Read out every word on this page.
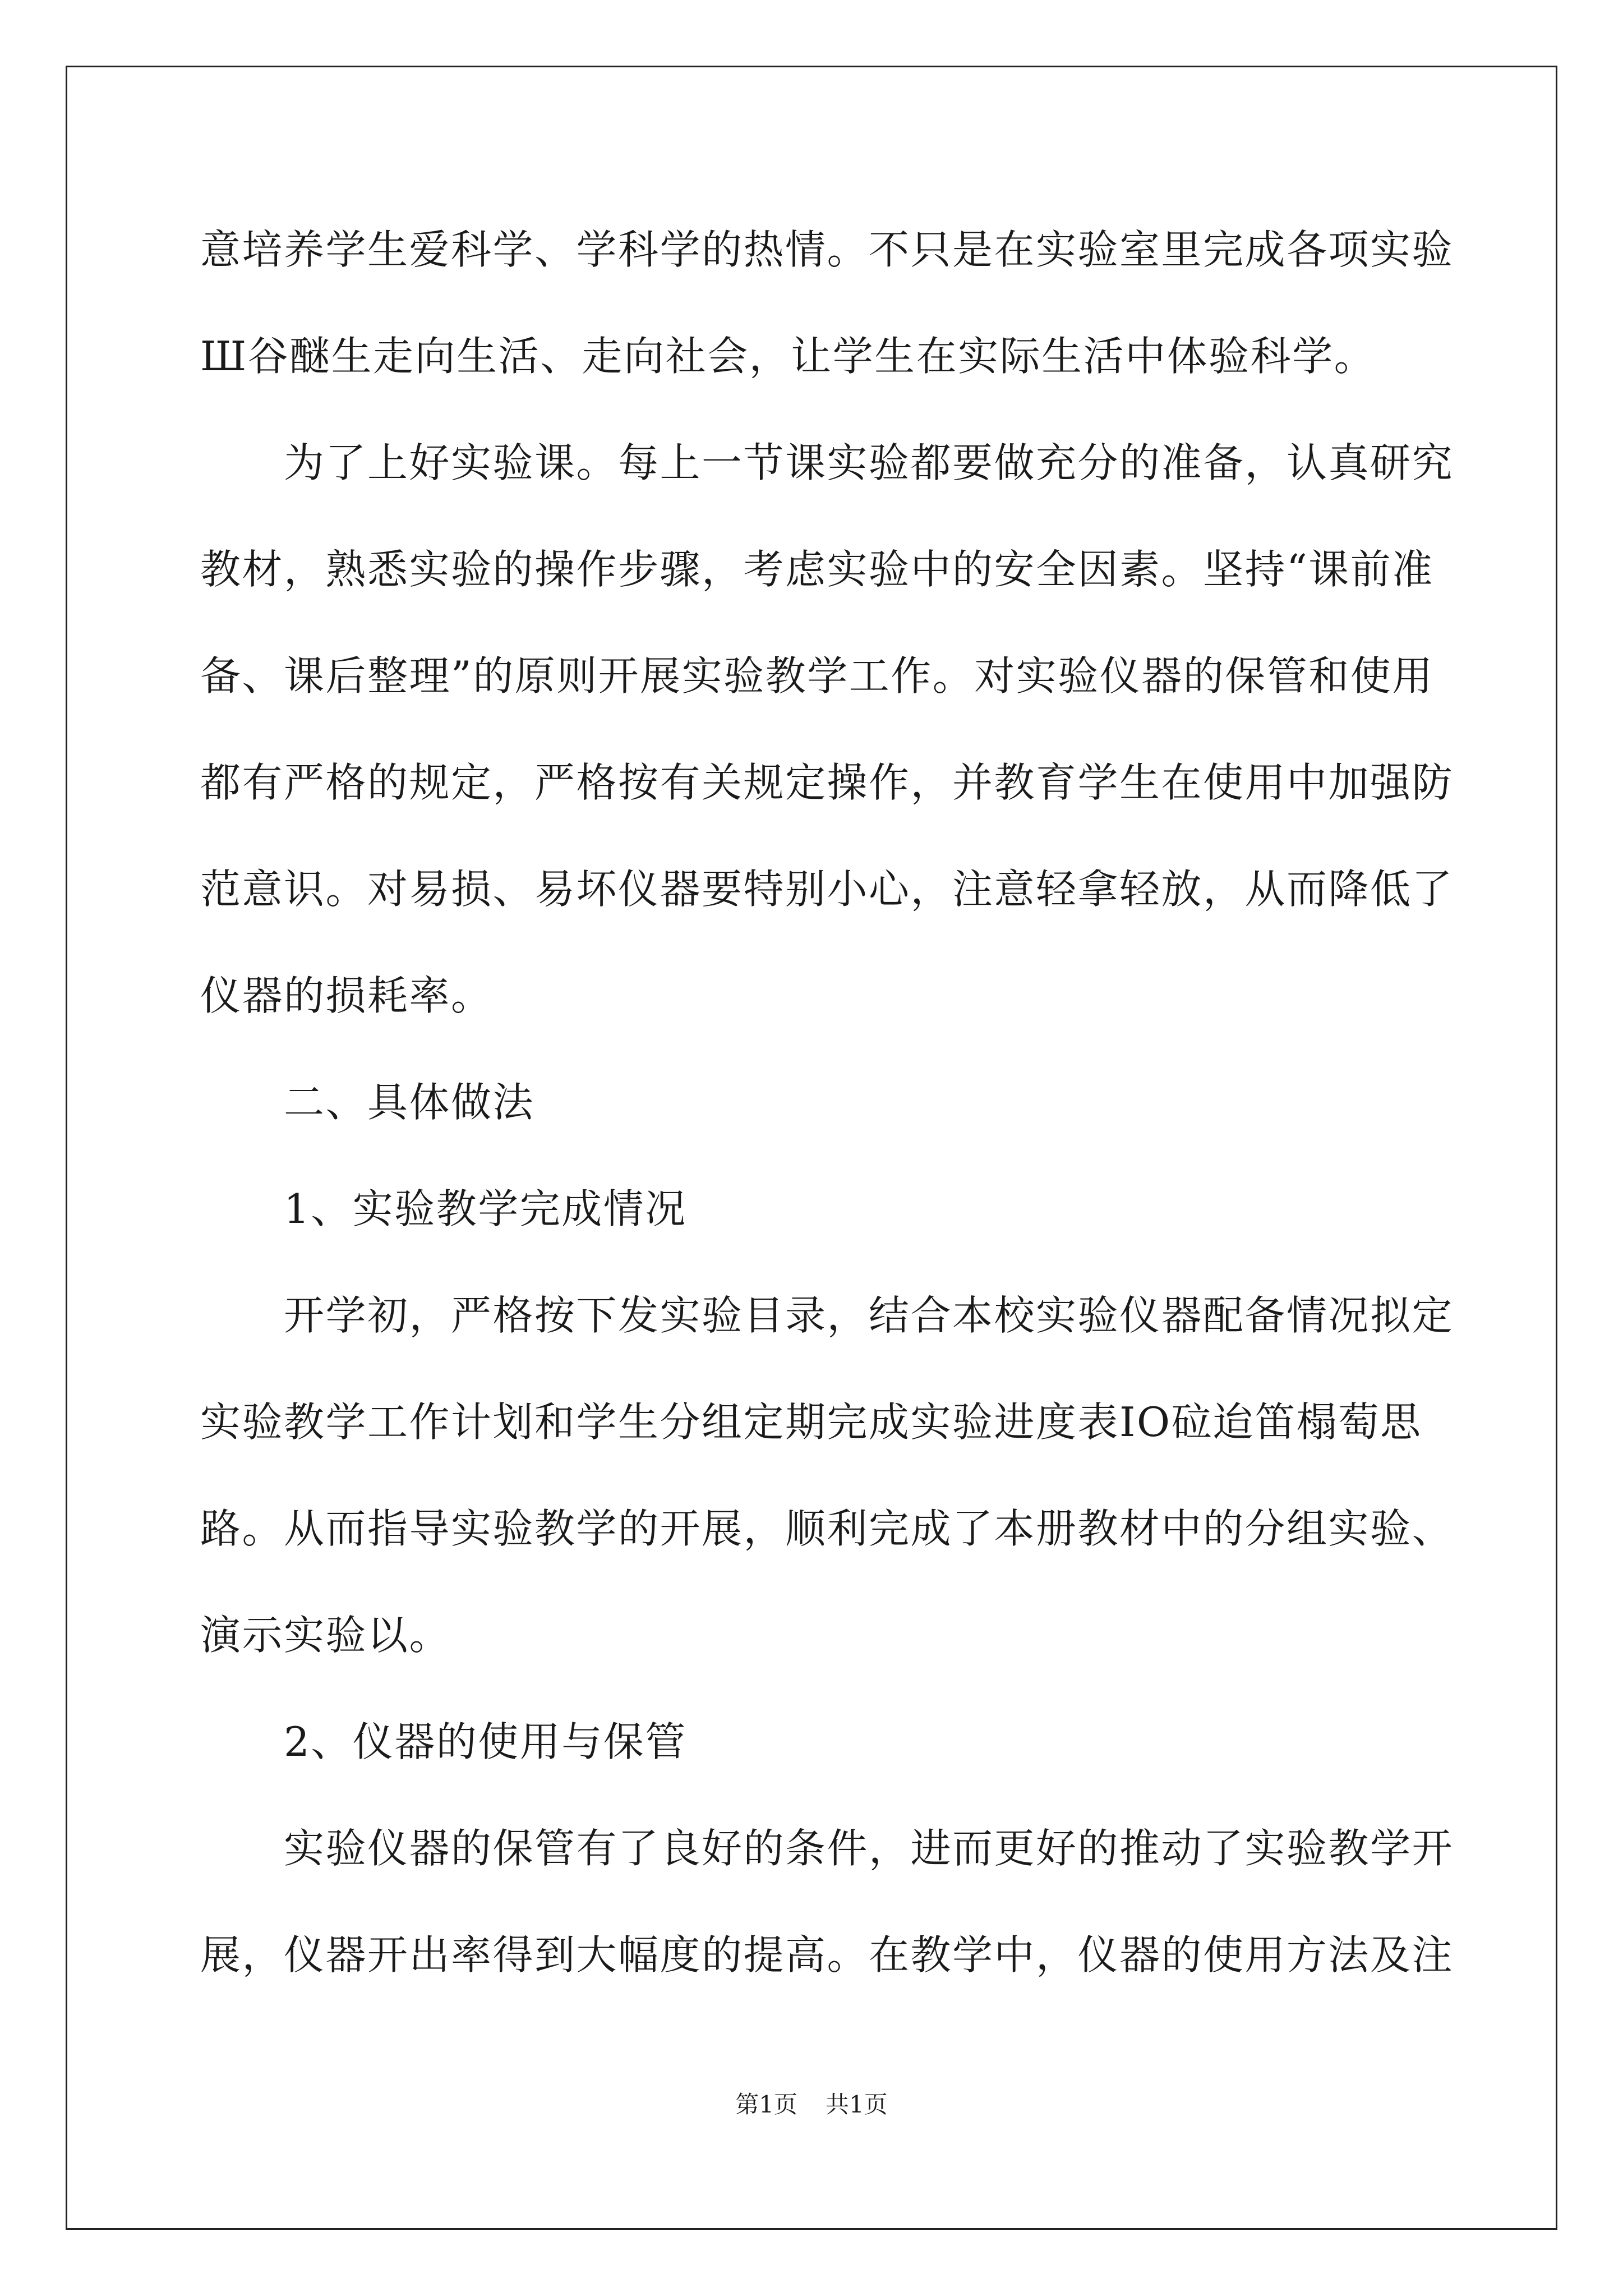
意培养学生爱科学、学科学的热情。不只是在实验室里完成各项实验
Ш谷醚生走向生活、走向社会，让学生在实际生活中体验科学。
　　为了上好实验课。每上一节课实验都要做充分的准备，认真研究
教材，熟悉实验的操作步骤，考虑实验中的安全因素。坚持“课前准
备、课后整理”的原则开展实验教学工作。对实验仪器的保管和使用
都有严格的规定，严格按有关规定操作，并教育学生在使用中加强防
范意识。对易损、易坏仪器要特别小心，注意轻拿轻放，从而降低了
仪器的损耗率。
　　二、具体做法
　　1、实验教学完成情况
　　开学初，严格按下发实验目录，结合本校实验仪器配备情况拟定
实验教学工作计划和学生分组定期完成实验进度表IO砬迨笛榻萄思
路。从而指导实验教学的开展，顺利完成了本册教材中的分组实验、
演示实验以。
　　2、仪器的使用与保管
　　实验仪器的保管有了良好的条件，进而更好的推动了实验教学开
展，仪器开出率得到大幅度的提高。在教学中，仪器的使用方法及注
第1页 共1页
